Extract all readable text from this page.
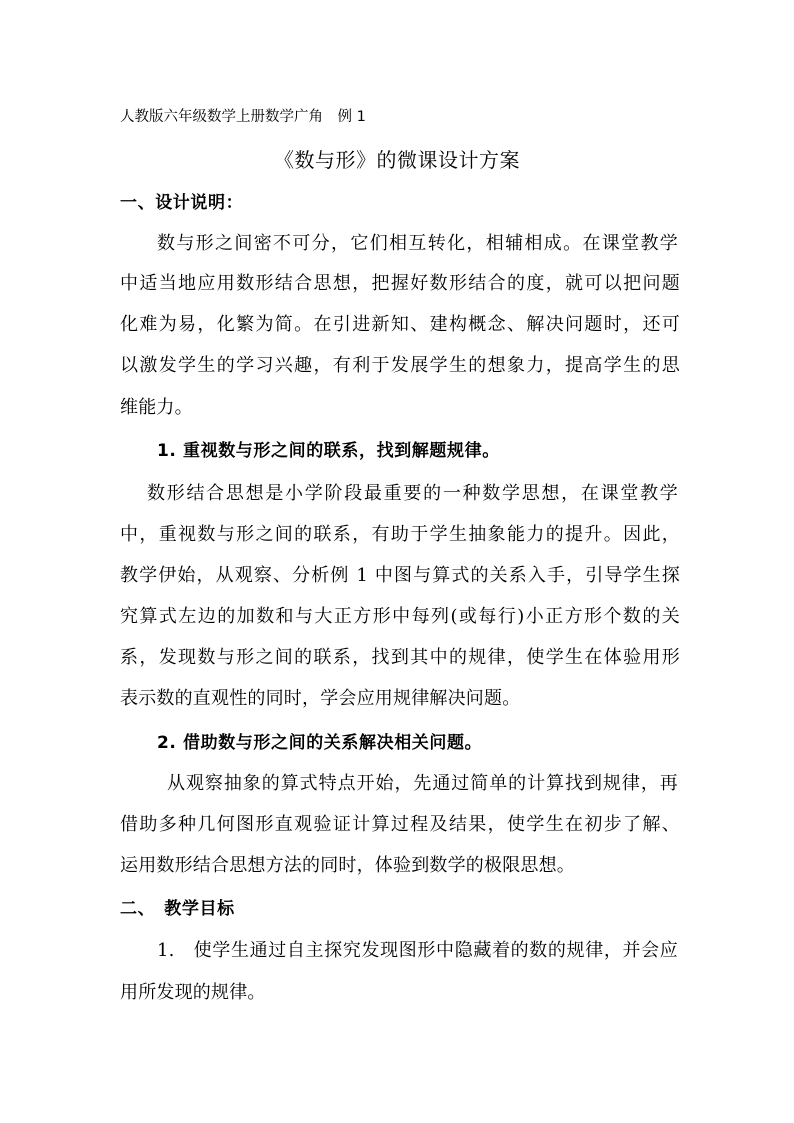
人教版六年级数学上册数学广角　例 1
《数与形》的微课设计方案
一、设计说明：
数与形之间密不可分，它们相互转化，相辅相成。在课堂教学
中适当地应用数形结合思想，把握好数形结合的度，就可以把问题
化难为易，化繁为简。在引进新知、建构概念、解决问题时，还可
以激发学生的学习兴趣，有利于发展学生的想象力，提高学生的思
维能力。
1. 重视数与形之间的联系，找到解题规律。
数形结合思想是小学阶段最重要的一种数学思想，在课堂教学
中，重视数与形之间的联系，有助于学生抽象能力的提升。因此，
教学伊始，从观察、分析例 1 中图与算式的关系入手，引导学生探
究算式左边的加数和与大正方形中每列(或每行)小正方形个数的关
系，发现数与形之间的联系，找到其中的规律，使学生在体验用形
表示数的直观性的同时，学会应用规律解决问题。
2. 借助数与形之间的关系解决相关问题。
从观察抽象的算式特点开始，先通过简单的计算找到规律，再
借助多种几何图形直观验证计算过程及结果，使学生在初步了解、
运用数形结合思想方法的同时，体验到数学的极限思想。
二、　教学目标
1.　使学生通过自主探究发现图形中隐藏着的数的规律，并会应
用所发现的规律。
